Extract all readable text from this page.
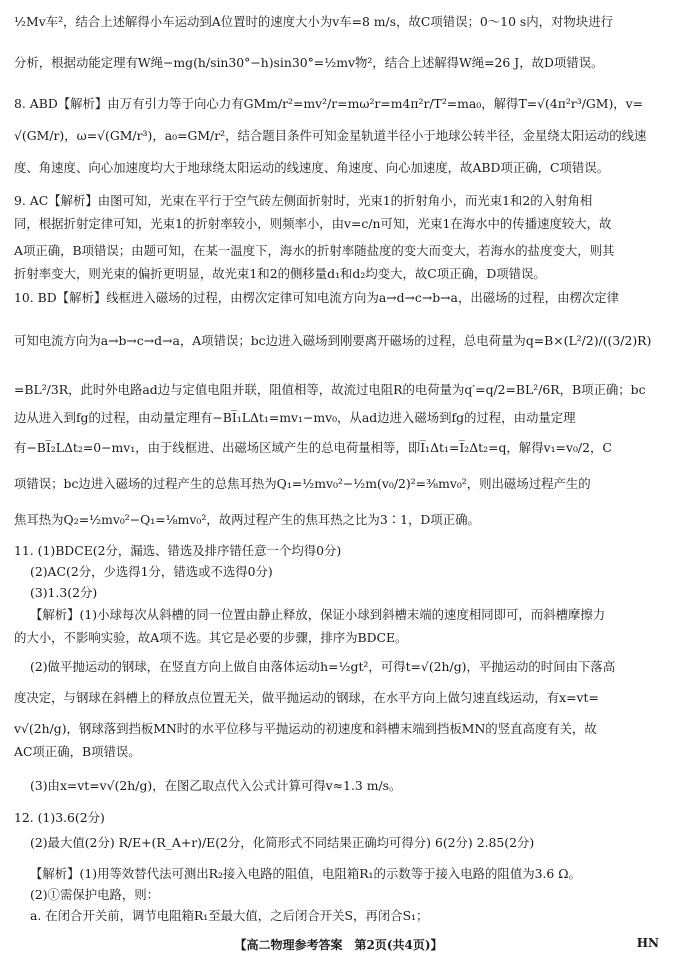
½Mv车²，结合上述解得小车运动到A位置时的速度大小为v车=8 m/s，故C项错误；0～10 s内，对物块进行
分析，根据动能定理有W绳−mg(h/sin30°−h)sin30°=½mv物²，结合上述解得W绳=26 J，故D项错误。
8. ABD【解析】由万有引力等于向心力有GMm/r²=mv²/r=mω²r=m4π²r/T²=ma₀，解得T=√(4π²r³/GM)，v=
√(GM/r)，ω=√(GM/r³)，a₀=GM/r²，结合题目条件可知金星轨道半径小于地球公转半径，金星绕太阳运动的线速
度、角速度、向心加速度均大于地球绕太阳运动的线速度、角速度、向心加速度，故ABD项正确，C项错误。
9. AC【解析】由图可知，光束在平行于空气砖左侧面折射时，光束1的折射角小，而光束1和2的入射角相
同，根据折射定律可知，光束1的折射率较小，则频率小，由v=c/n可知，光束1在海水中的传播速度较大，故
A项正确，B项错误；由题可知，在某一温度下，海水的折射率随盐度的变大而变大，若海水的盐度变大，则其
折射率变大，则光束的偏折更明显，故光束1和2的侧移量d₁和d₂均变大，故C项正确，D项错误。
10. BD【解析】线框进入磁场的过程，由楞次定律可知电流方向为a→d→c→b→a，出磁场的过程，由楞次定律
可知电流方向为a→b→c→d→a，A项错误；bc边进入磁场到刚要离开磁场的过程，总电荷量为q=B×(L²/2)/((3/2)R)
=BL²/3R，此时外电路ad边与定值电阻并联，阻值相等，故流过电阻R的电荷量为q′=q/2=BL²/6R，B项正确；bc
边从进入到fg的过程，由动量定理有−BI̅₁LΔt₁=mv₁−mv₀，从ad边进入磁场到fg的过程，由动量定理
有−BI̅₂LΔt₂=0−mv₁，由于线框进、出磁场区域产生的总电荷量相等，即I̅₁Δt₁=I̅₂Δt₂=q，解得v₁=v₀/2，C
项错误；bc边进入磁场的过程产生的总焦耳热为Q₁=½mv₀²−½m(v₀/2)²=⅜mv₀²，则出磁场过程产生的
焦耳热为Q₂=½mv₀²−Q₁=⅛mv₀²，故两过程产生的焦耳热之比为3∶1，D项正确。
11. (1)BDCE(2分，漏选、错选及排序错任意一个均得0分)
(2)AC(2分，少选得1分，错选或不选得0分)
(3)1.3(2分)
【解析】(1)小球每次从斜槽的同一位置由静止释放，保证小球到斜槽末端的速度相同即可，而斜槽摩擦力
的大小，不影响实验，故A项不选。其它是必要的步骤，排序为BDCE。
(2)做平抛运动的钢球，在竖直方向上做自由落体运动h=½gt²，可得t=√(2h/g)，平抛运动的时间由下落高
度决定，与钢球在斜槽上的释放点位置无关，做平抛运动的钢球，在水平方向上做匀速直线运动，有x=vt=
v√(2h/g)，钢球落到挡板MN时的水平位移与平抛运动的初速度和斜槽末端到挡板MN的竖直高度有关，故
AC项正确，B项错误。
(3)由x=vt=v√(2h/g)，在图乙取点代入公式计算可得v≈1.3 m/s。
12. (1)3.6(2分)
(2)最大值(2分) R/E+(R_A+r)/E(2分，化简形式不同结果正确均可得分) 6(2分) 2.85(2分)
【解析】(1)用等效替代法可测出R₂接入电路的阻值，电阻箱R₁的示数等于接入电路的阻值为3.6 Ω。
(2)①需保护电路，则：
a. 在闭合开关前，调节电阻箱R₁至最大值，之后闭合开关S，再闭合S₁；
【高二物理参考答案　第2页(共4页)】	HN
